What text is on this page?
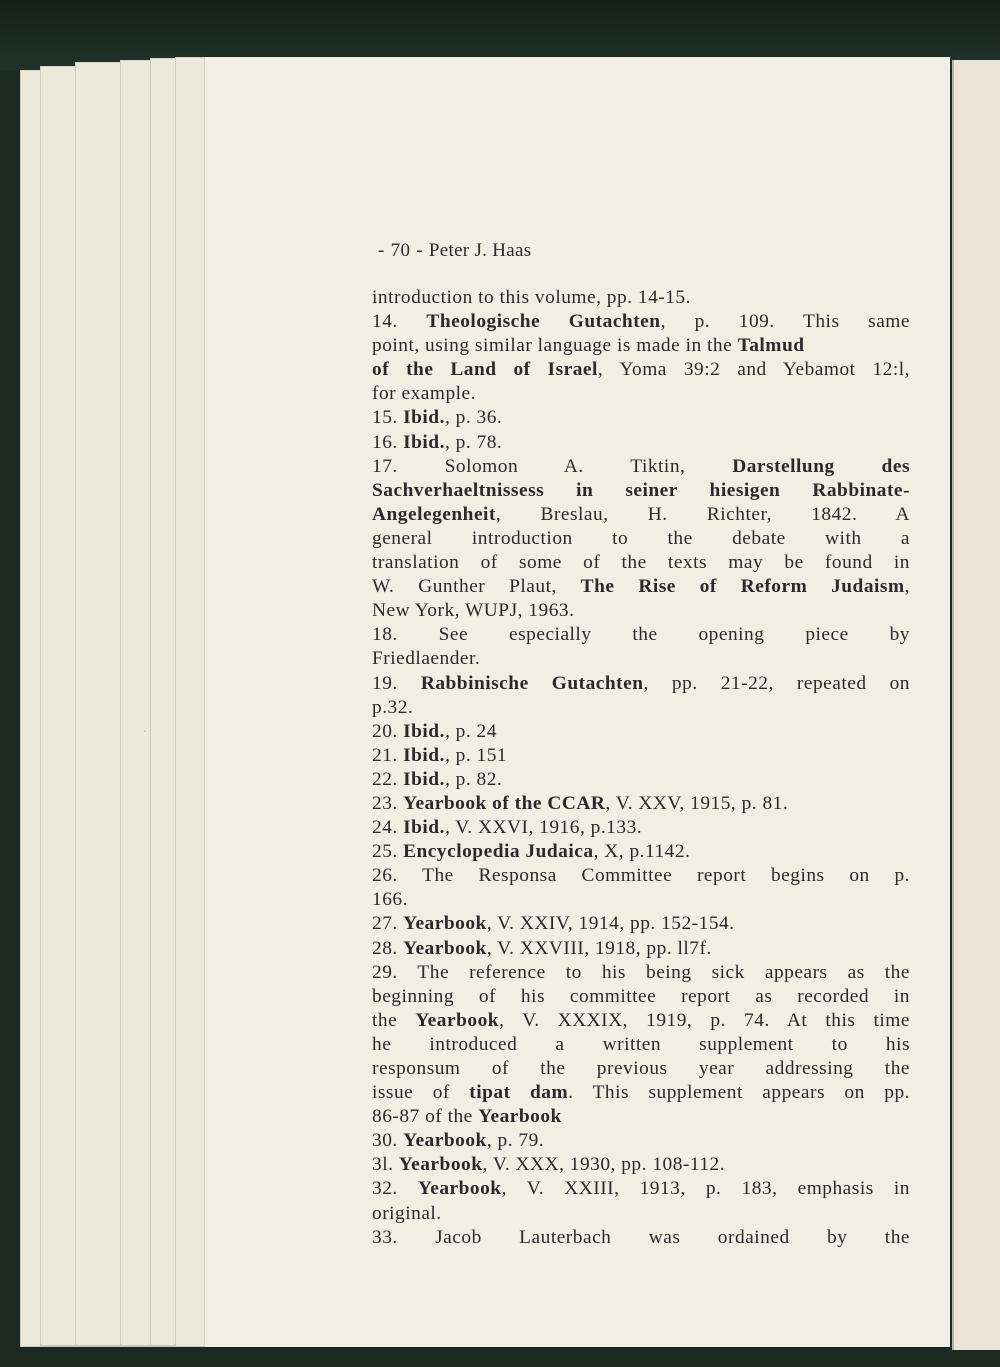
- 70 - Peter J. Haas
‧
introduction to this volume, pp. 14-15.
14. Theologische Gutachten, p. 109. This same
point, using similar language is made in the Talmud
of the Land of Israel, Yoma 39:2 and Yebamot 12:l,
for example.
15. Ibid., p. 36.
16. Ibid., p. 78.
17. Solomon A. Tiktin, Darstellung des
Sachverhaeltnissess in seiner hiesigen Rabbinate-
Angelegenheit, Breslau, H. Richter, 1842. A
general introduction to the debate with a
translation of some of the texts may be found in
W. Gunther Plaut, The Rise of Reform Judaism,
New York, WUPJ, 1963.
18. See especially the opening piece by
Friedlaender.
19. Rabbinische Gutachten, pp. 21-22, repeated on
p.32.
20. Ibid., p. 24
21. Ibid., p. 151
22. Ibid., p. 82.
23. Yearbook of the CCAR, V. XXV, 1915, p. 81.
24. Ibid., V. XXVI, 1916, p.133.
25. Encyclopedia Judaica, X, p.1142.
26. The Responsa Committee report begins on p.
166.
27. Yearbook, V. XXIV, 1914, pp. 152-154.
28. Yearbook, V. XXVIII, 1918, pp. ll7f.
29. The reference to his being sick appears as the
beginning of his committee report as recorded in
the Yearbook, V. XXXIX, 1919, p. 74. At this time
he introduced a written supplement to his
responsum of the previous year addressing the
issue of tipat dam. This supplement appears on pp.
86-87 of the Yearbook
30. Yearbook, p. 79.
3l. Yearbook, V. XXX, 1930, pp. 108-112.
32. Yearbook, V. XXIII, 1913, p. 183, emphasis in
original.
33. Jacob Lauterbach was ordained by the
